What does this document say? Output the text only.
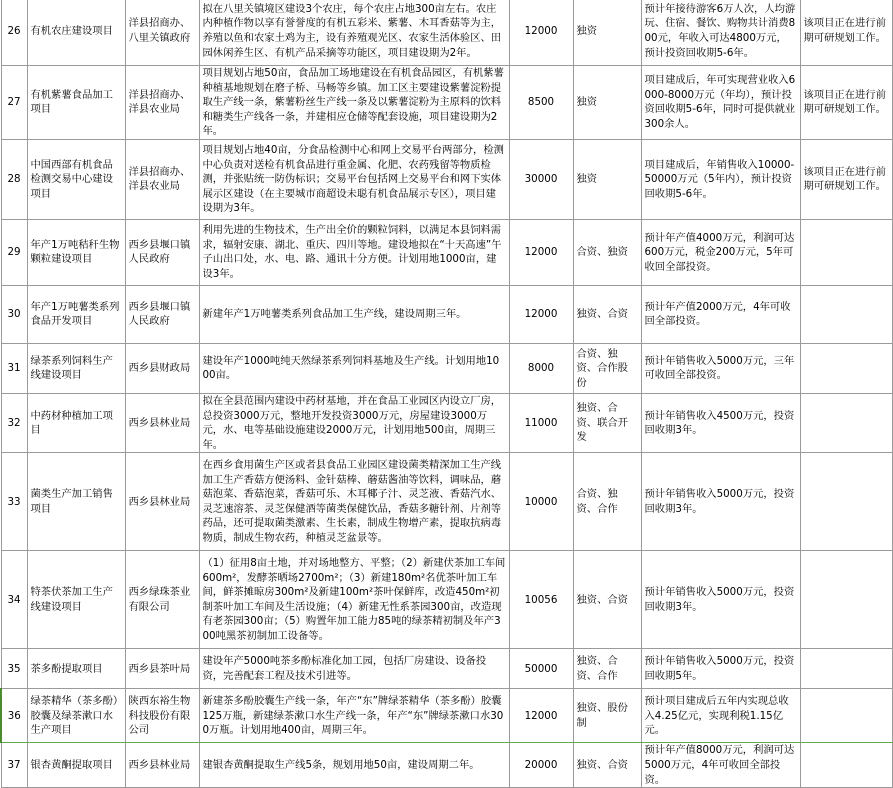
26	有机农庄建设项目	洋县招商办、八里关镇政府	拟在八里关镇境区建设3个农庄，每个农庄占地300亩左右。农庄内种植作物以享有誉誉度的有机五彩米、紫薯、木耳香菇等为主，养殖以鱼和农家土鸡为主，设有养殖观光区、农家生活体验区、田园休闲养生区、有机产品采摘等功能区，项目建设期为2年。	12000	独资	预计年接待游客6万人次，人均游玩、住宿、餐饮、购物共计消费800元，年收入可达4800万元，预计投资回收期5-6年。	该项目正在进行前期可研规划工作。
27	有机紫薯食品加工项目	洋县招商办、洋县农业局	项目规划占地50亩，食品加工场地建设在有机食品园区，有机紫薯种植基地规划在磨子桥、马畅等乡镇。加工区主要建设紫薯淀粉提取生产线一条，紫薯粉丝生产线一条及以紫薯淀粉为主原料的饮料和糖类生产线各一条，并建相应仓储等配套设施，项目建设期为2年。	8500	独资	项目建成后，年可实现营业收入6000-8000万元（年均），预计投资回收期5-6年，同时可提供就业300余人。	该项目正在进行前期可研规划工作。
28	中国西部有机食品检测交易中心建设项目	洋县招商办、洋县农业局	项目规划占地40亩，分食品检测中心和网上交易平台两部分，检测中心负责对送检有机食品进行重金属、化肥、农药残留等物质检测，并张贴统一防伪标识；交易平台包括网上交易平台和网下实体展示区建设（在主要城市商超设未聪有机食品展示专区），项目建设期为3年。	30000	独资	项目建成后，年销售收入10000-50000万元（5年内），预计投资回收期5-6年。	该项目正在进行前期可研规划工作。
29	年产1万吨秸秆生物颗粒建设项目	西乡县堰口镇人民政府	利用先进的生物技术，生产出全价的颗粒饲料，以满足本县饲料需求，辐射安康、湖北、重庆、四川等地。建设地拟在“十天高速”午子山出口处，水、电、路、通讯十分方便。计划用地1000亩，建设3年。	12000	合资、独资	预计年产值4000万元，利润可达600万元，税金200万元，5年可收回全部投资。	
30	年产1万吨薯类系列食品开发项目	西乡县堰口镇人民政府	新建年产1万吨薯类系列食品加工生产线，建设周期三年。	12000	独资、合资	预计年产值2000万元，4年可收回全部投资。	
31	绿茶系列饲料生产线建设项目	西乡县财政局	建设年产1000吨纯天然绿茶系列饲料基地及生产线。计划用地1000亩。	8000	合资、独资、合作股份	预计年销售收入5000万元，三年可收回全部投资。	
32	中药材种植加工项目	西乡县林业局	拟在全县范围内建设中药材基地，并在食品工业园区内设立厂房，总投资3000万元，整地开发投资3000万元，房屋建设3000万元，水、电等基础设施建设2000万元，计划用地500亩，周期三年。	11000	独资、合资、联合开发	预计年销售收入4500万元，投资回收期3年。	
33	菌类生产加工销售项目	西乡县林业局	在西乡食用菌生产区或者县食品工业园区建设菌类精深加工生产线加工生产香菇方便汤料、金针菇棒、蘑菇酱油等饮料，调味品，蘑菇泡菜、香菇泡菜，香菇可乐、木耳椰子汁、灵芝液、香菇汽水、灵芝速溶茶、灵芝保健酒等菌类保健饮品，香菇多糖针剂、片剂等药品，还可提取菌类激素、生长素，制成生物增产素，提取抗病毒物质，制成生物农药，种植灵芝盆景等。	10000	合资、独资、合作	预计年销售收入5000万元，投资回收期3年。	
34	特茶伏茶加工生产线建设项目	西乡绿珠茶业有限公司	（1）征用8亩土地，并对场地整方、平整；（2）新建伏茶加工车间600m²，发酵茶晒场2700m²；（3）新建180m²名优茶叶加工车间，鲜茶摊晾房300m²及新建100m²茶叶保鲜库，改造450m²初制茶叶加工车间及生活设施；（4）新建无性系茶园300亩，改造现有老茶园300亩；（5）购置年加工能力85吨的绿茶精初制及年产300吨黑茶初制加工设备等。	10056	独资、合资	预计年销售收入5000万元，投资回收期3年。	
35	茶多酚提取项目	西乡县茶叶局	建设年产5000吨茶多酚标准化加工园，包括厂房建设、设备投资，完善配套工程及技术引进等。	50000	独资、合资、合作	预计年销售收入5000万元，投资回收期5年。	
36	绿茶精华（茶多酚）胶囊及绿茶漱口水生产项目	陕西东裕生物科技股份有限公司	新建茶多酚胶囊生产线一条，年产“东”牌绿茶精华（茶多酚）胶囊125万瓶，新建绿茶漱口水生产线一条，年产“东”牌绿茶漱口水300万瓶。计划用地400亩，周期三年。	12000	独资、股份制	预计项目建成后五年内实现总收入4.25亿元，实现利税1.15亿元。	
37	银杏黄酮提取项目	西乡县林业局	建银杏黄酮提取生产线5条，规划用地50亩，建设周期二年。	20000	独资、合资	预计年产值8000万元，利润可达5000万元，4年可收回全部投资。	
